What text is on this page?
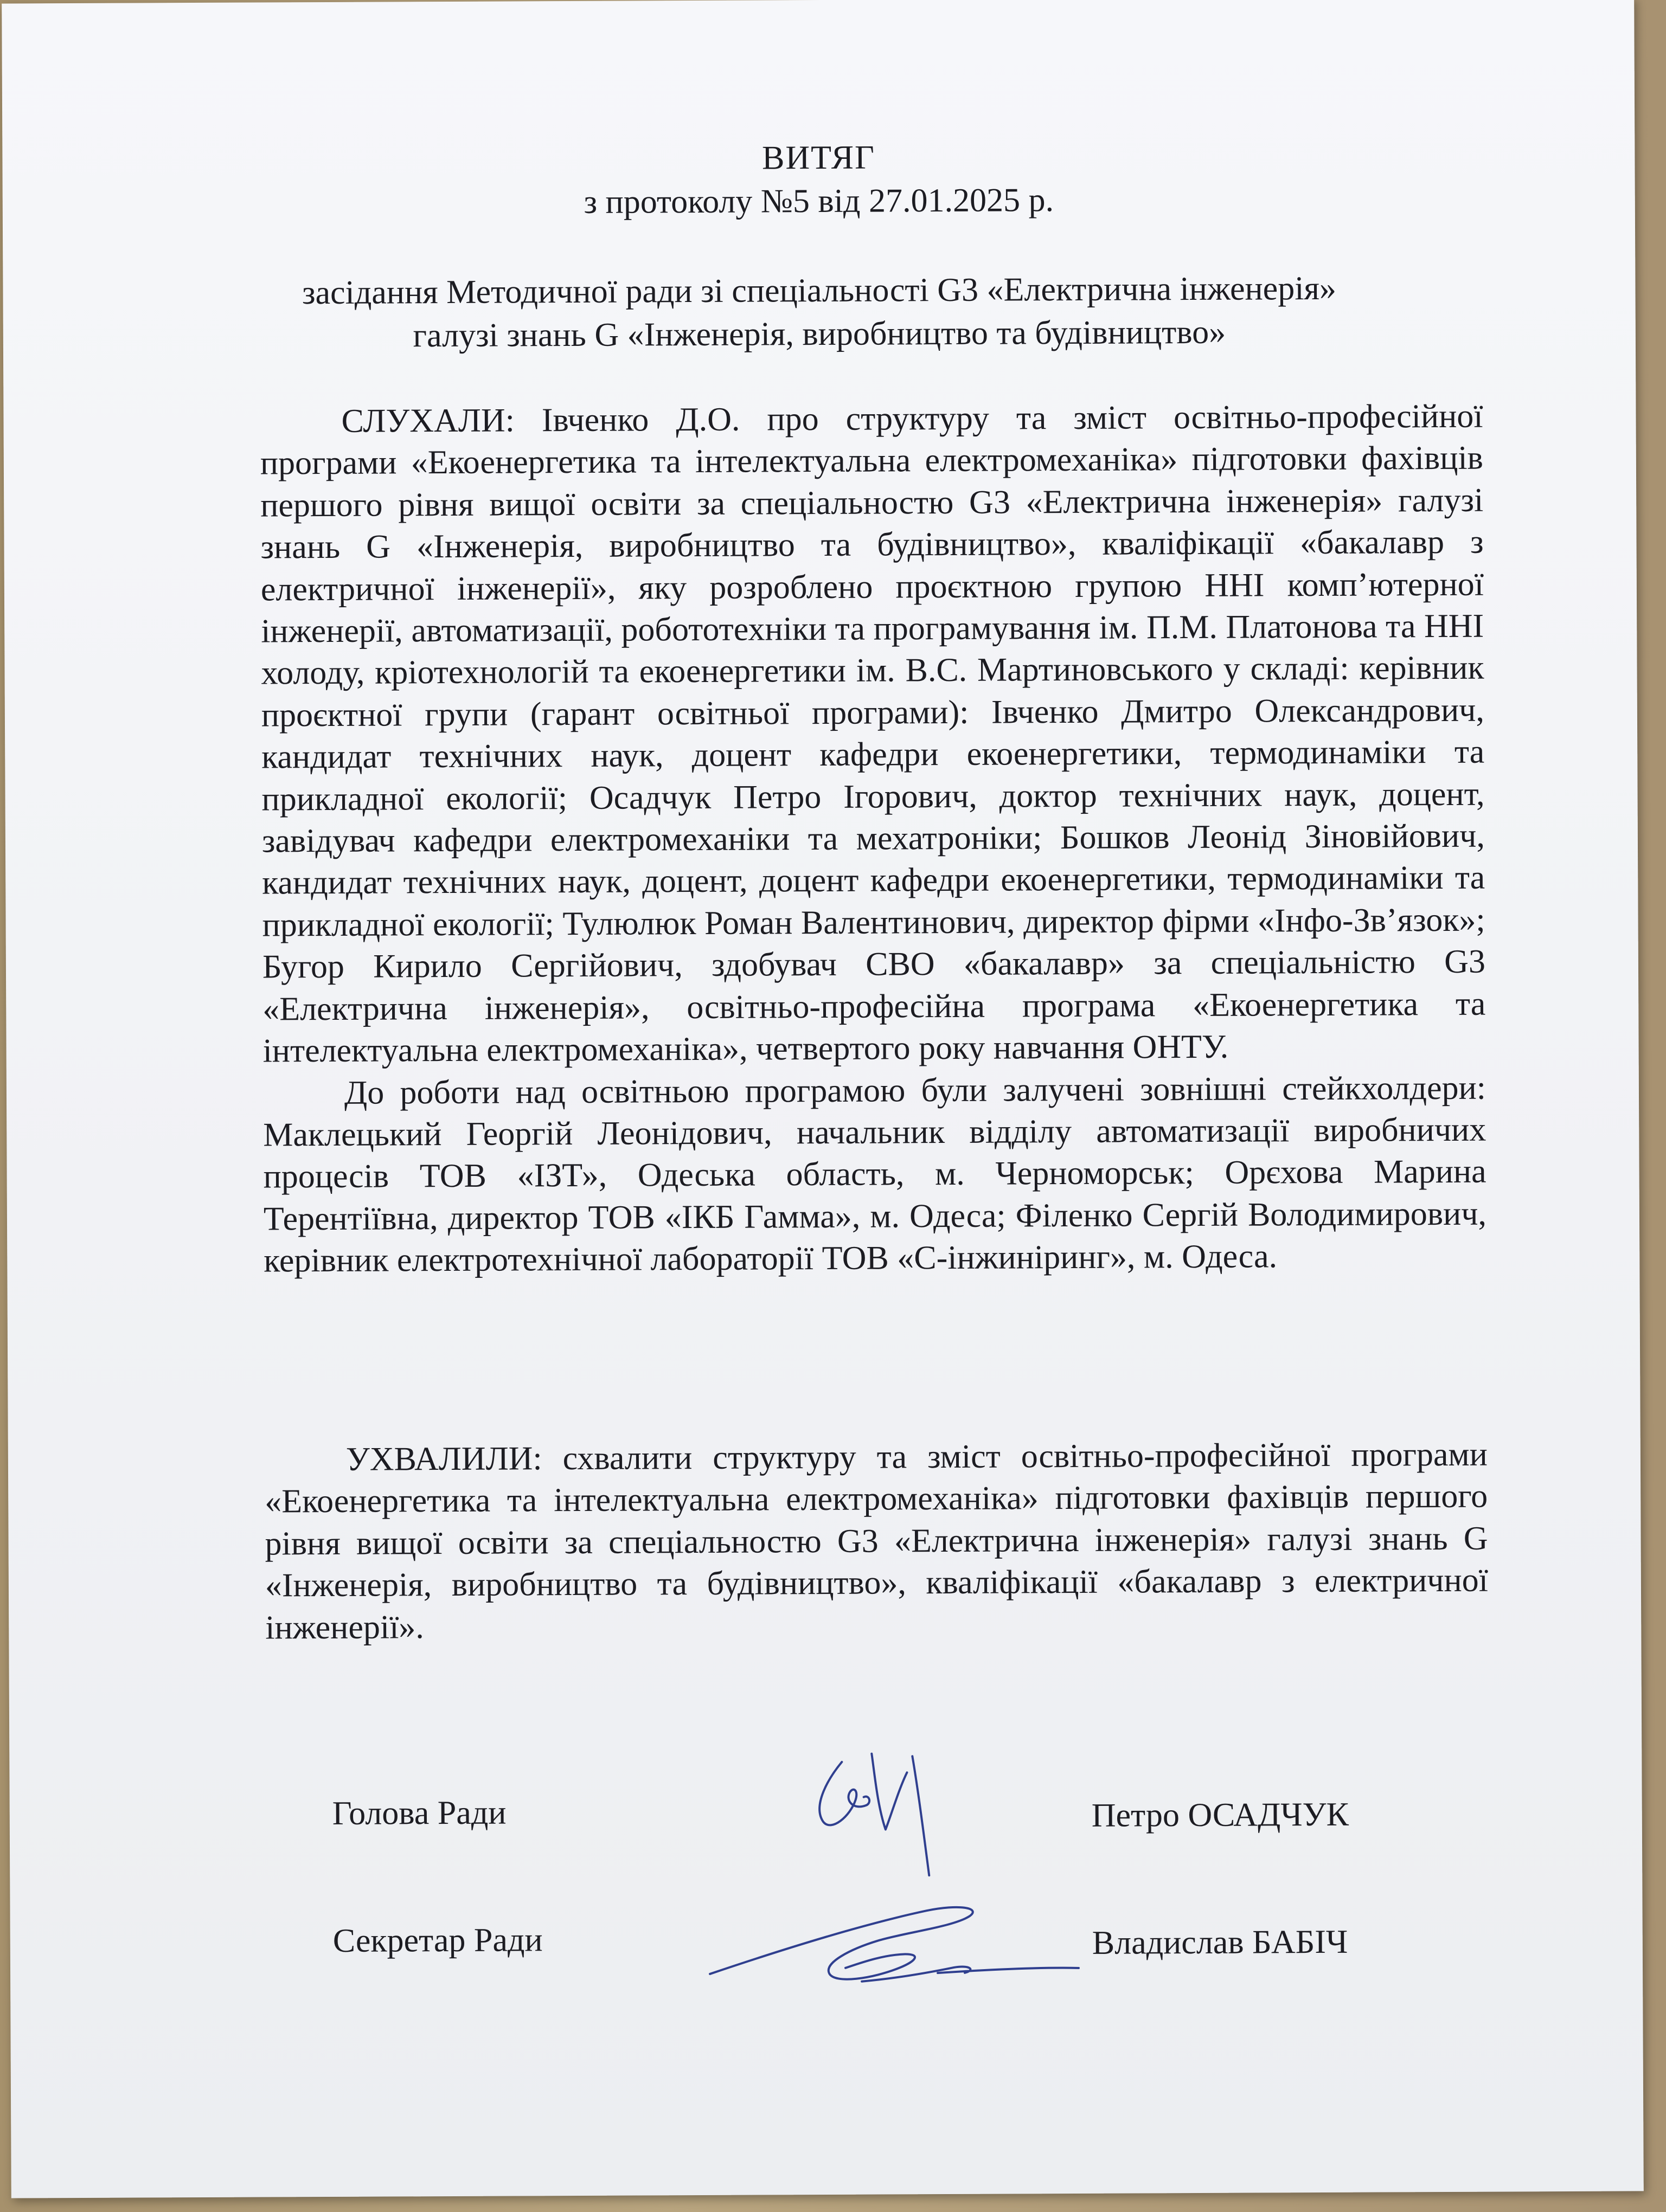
ВИТЯГ
з протоколу №5 від 27.01.2025 р.
засідання Методичної ради зі спеціальності G3 «Електрична інженерія»
галузі знань G «Інженерія, виробництво та будівництво»

СЛУХАЛИ: Івченко Д.О. про структуру та зміст освітньо-професійної програми «Екоенергетика та інтелектуальна електромеханіка» підготовки фахівців першого рівня вищої освіти за спеціальностю G3 «Електрична інженерія» галузі знань G «Інженерія, виробництво та будівництво», кваліфікації «бакалавр з електричної інженерії», яку розроблено проєктною групою ННІ комп’ютерної інженерії, автоматизації, робототехніки та програмування ім. П.М. Платонова та ННІ холоду, кріотехнологій та екоенергетики ім. В.С. Мартиновського у складі: керівник проєктної групи (гарант освітньої програми): Івченко Дмитро Олександрович, кандидат технічних наук, доцент кафедри екоенергетики, термодинаміки та прикладної екології; Осадчук Петро Ігорович, доктор технічних наук, доцент, завідувач кафедри електромеханіки та мехатроніки; Бошков Леонід Зіновійович, кандидат технічних наук, доцент, доцент кафедри екоенергетики, термодинаміки та прикладної екології; Тулюлюк Роман Валентинович, директор фірми «Інфо-Зв’язок»; Бугор Кирило Сергійович, здобувач СВО «бакалавр» за спеціальністю G3 «Електрична інженерія», освітньо-професійна програма «Екоенергетика та інтелектуальна електромеханіка», четвертого року навчання ОНТУ.

До роботи над освітньою програмою були залучені зовнішні стейкхолдери: Маклецький Георгій Леонідович, начальник відділу автоматизації виробничих процесів ТОВ «ІЗТ», Одеська область, м. Черноморськ; Орєхова Марина Терентіївна, директор ТОВ «ІКБ Гамма», м. Одеса; Філенко Сергій Володимирович, керівник електротехнічної лабораторії ТОВ «С-інжиніринг», м. Одеса.

УХВАЛИЛИ: схвалити структуру та зміст освітньо-професійної програми «Екоенергетика та інтелектуальна електромеханіка» підготовки фахівців першого рівня вищої освіти за спеціальностю G3 «Електрична інженерія» галузі знань G «Інженерія, виробництво та будівництво», кваліфікації «бакалавр з електричної інженерії».

Голова Ради	Петро ОСАДЧУК
Секретар Ради	Владислав БАБІЧ
